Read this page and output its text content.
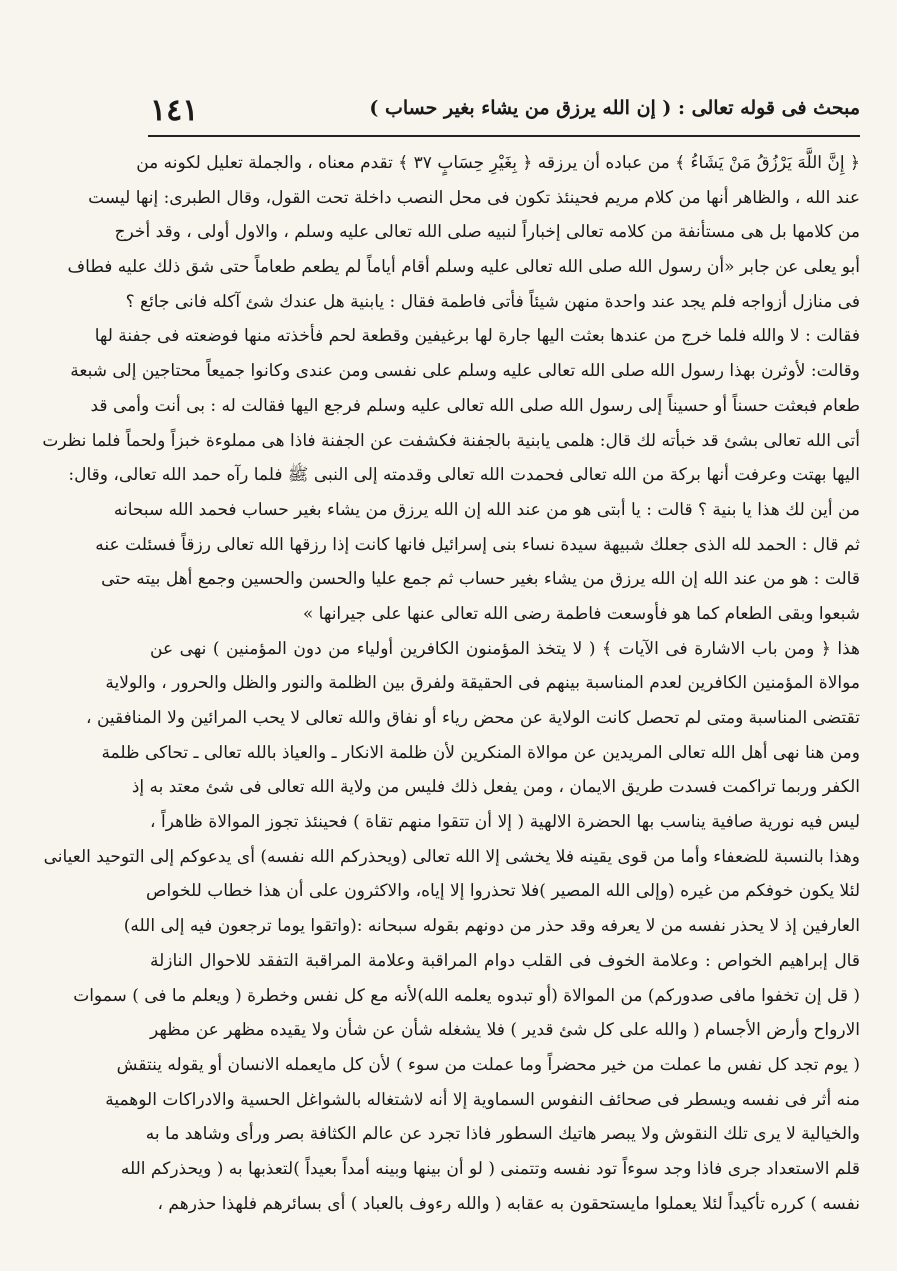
مبحث فى قوله تعالى : ( إن الله يرزق من يشاء بغير حساب )
١٤١
﴿ إِنَّ اللَّهَ يَرْزُقُ مَنْ يَشَاءُ ﴾ من عباده أن يرزقه ﴿ بِغَيْرِ حِسَابٍ ٣٧ ﴾ تقدم معناه ، والجملة تعليل لكونه من
عند الله ، والظاهر أنها من كلام مريم فحينئذ تكون فى محل النصب داخلة تحت القول، وقال الطبرى: إنها ليست
من كلامها بل هى مستأنفة من كلامه تعالى إخباراً لنبيه صلى الله تعالى عليه وسلم ، والاول أولى ، وقد أخرج
أبو يعلى عن جابر «أن رسول الله صلى الله تعالى عليه وسلم أقام أياماً لم يطعم طعاماً حتى شق ذلك عليه فطاف
فى منازل أزواجه فلم يجد عند واحدة منهن شيئاً فأتى فاطمة فقال : يابنية هل عندك شئ آكله فانى جائع ؟
فقالت : لا والله فلما خرج من عندها بعثت اليها جارة لها برغيفين وقطعة لحم فأخذته منها فوضعته فى جفنة لها
وقالت: لأوثرن بهذا رسول الله صلى الله تعالى عليه وسلم على نفسى ومن عندى وكانوا جميعاً محتاجين إلى شبعة
طعام فبعثت حسناً أو حسيناً إلى رسول الله صلى الله تعالى عليه وسلم فرجع اليها فقالت له : بى أنت وأمى قد
أتى الله تعالى بشئ قد خبأته لك قال: هلمى يابنية بالجفنة فكشفت عن الجفنة فاذا هى مملوءة خبزاً ولحماً فلما نظرت
اليها بهتت وعرفت أنها بركة من الله تعالى فحمدت الله تعالى وقدمته إلى النبى ﷺ فلما رآه حمد الله تعالى، وقال:
من أين لك هذا يا بنية ؟ قالت : يا أبتى هو من عند الله إن الله يرزق من يشاء بغير حساب فحمد الله سبحانه
ثم قال : الحمد لله الذى جعلك شبيهة سيدة نساء بنى إسرائيل فانها كانت إذا رزقها الله تعالى رزقاً فسئلت عنه
قالت : هو من عند الله إن الله يرزق من يشاء بغير حساب ثم جمع عليا والحسن والحسين وجمع أهل بيته حتى
شبعوا وبقى الطعام كما هو فأوسعت فاطمة رضى الله تعالى عنها على جيرانها »
هذا ﴿ ومن باب الاشارة فى الآيات ﴾ ( لا يتخذ المؤمنون الكافرين أولياء من دون المؤمنين ) نهى عن
موالاة المؤمنين الكافرين لعدم المناسبة بينهم فى الحقيقة ولفرق بين الظلمة والنور والظل والحرور ، والولاية
تقتضى المناسبة ومتى لم تحصل كانت الولاية عن محض رياء أو نفاق والله تعالى لا يحب المرائين ولا المنافقين ،
ومن هنا نهى أهل الله تعالى المريدين عن موالاة المنكرين لأن ظلمة الانكار ـ والعياذ بالله تعالى ـ تحاكى ظلمة
الكفر وربما تراكمت فسدت طريق الايمان ، ومن يفعل ذلك فليس من ولاية الله تعالى فى شئ معتد به إذ
ليس فيه نورية صافية يناسب بها الحضرة الالهية ( إلا أن تتقوا منهم تقاة ) فحينئذ تجوز الموالاة ظاهراً ،
وهذا بالنسبة للضعفاء وأما من قوى يقينه فلا يخشى إلا الله تعالى (ويحذركم الله نفسه) أى يدعوكم إلى التوحيد العيانى
لئلا يكون خوفكم من غيره (وإلى الله المصير )فلا تحذروا إلا إياه، والاكثرون على أن هذا خطاب للخواص
العارفين إذ لا يحذر نفسه من لا يعرفه وقد حذر من دونهم بقوله سبحانه :(واتقوا يوما ترجعون فيه إلى الله)
قال إبراهيم الخواص : وعلامة الخوف فى القلب دوام المراقبة وعلامة المراقبة التفقد للاحوال النازلة
( قل إن تخفوا مافى صدوركم) من الموالاة (أو تبدوه يعلمه الله)لأنه مع كل نفس وخطرة ( ويعلم ما فى ) سموات
الارواح وأرض الأجسام ( والله على كل شئ قدير ) فلا يشغله شأن عن شأن ولا يقيده مظهر عن مظهر
( يوم تجد كل نفس ما عملت من خير محضراً وما عملت من سوء ) لأن كل مايعمله الانسان أو يقوله ينتقش
منه أثر فى نفسه ويسطر فى صحائف النفوس السماوية إلا أنه لاشتغاله بالشواغل الحسية والادراكات الوهمية
والخيالية لا يرى تلك النقوش ولا يبصر هاتيك السطور فاذا تجرد عن عالم الكثافة بصر ورأى وشاهد ما به
قلم الاستعداد جرى فاذا وجد سوءاً تود نفسه وتتمنى ( لو أن بينها وبينه أمداً بعيداً )لتعذبها به ( ويحذركم الله
نفسه ) كرره تأكيداً لئلا يعملوا مايستحقون به عقابه ( والله رءوف بالعباد ) أى بسائرهم فلهذا حذرهم ،
